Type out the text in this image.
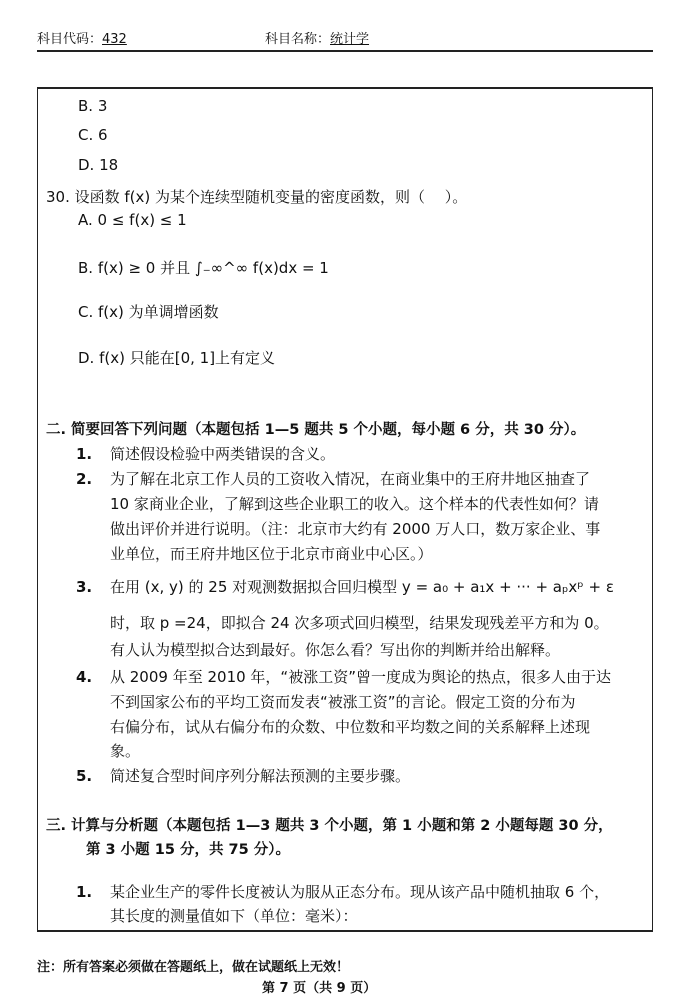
科目代码：432	科目名称：统计学
B. 3
C. 6
D. 18
30. 设函数 f(x) 为某个连续型随机变量的密度函数，则（　 ）。
A. 0 ≤ f(x) ≤ 1
B. f(x) ≥ 0 并且 ∫₋∞^∞ f(x)dx = 1
C. f(x) 为单调增函数
D. f(x) 只能在[0, 1]上有定义
二. 简要回答下列问题（本题包括 1—5 题共 5 个小题，每小题 6 分，共 30 分）。
1. 简述假设检验中两类错误的含义。
2. 为了解在北京工作人员的工资收入情况，在商业集中的王府井地区抽查了
10 家商业企业，了解到这些企业职工的收入。这个样本的代表性如何？请
做出评价并进行说明。（注：北京市大约有 2000 万人口，数万家企业、事
业单位，而王府井地区位于北京市商业中心区。）
3. 在用 (x, y) 的 25 对观测数据拟合回归模型 y = a₀ + a₁x + ··· + aₚxᵖ + ε
时，取 p =24，即拟合 24 次多项式回归模型，结果发现残差平方和为 0。
有人认为模型拟合达到最好。你怎么看？写出你的判断并给出解释。
4. 从 2009 年至 2010 年，“被涨工资”曾一度成为舆论的热点，很多人由于达
不到国家公布的平均工资而发表“被涨工资”的言论。假定工资的分布为
右偏分布，试从右偏分布的众数、中位数和平均数之间的关系解释上述现
象。
5. 简述复合型时间序列分解法预测的主要步骤。
三. 计算与分析题（本题包括 1—3 题共 3 个小题，第 1 小题和第 2 小题每题 30 分，
第 3 小题 15 分，共 75 分）。
1. 某企业生产的零件长度被认为服从正态分布。现从该产品中随机抽取 6 个，
其长度的测量值如下（单位：毫米）：
注：所有答案必须做在答题纸上，做在试题纸上无效！
第 7 页（共 9 页）
